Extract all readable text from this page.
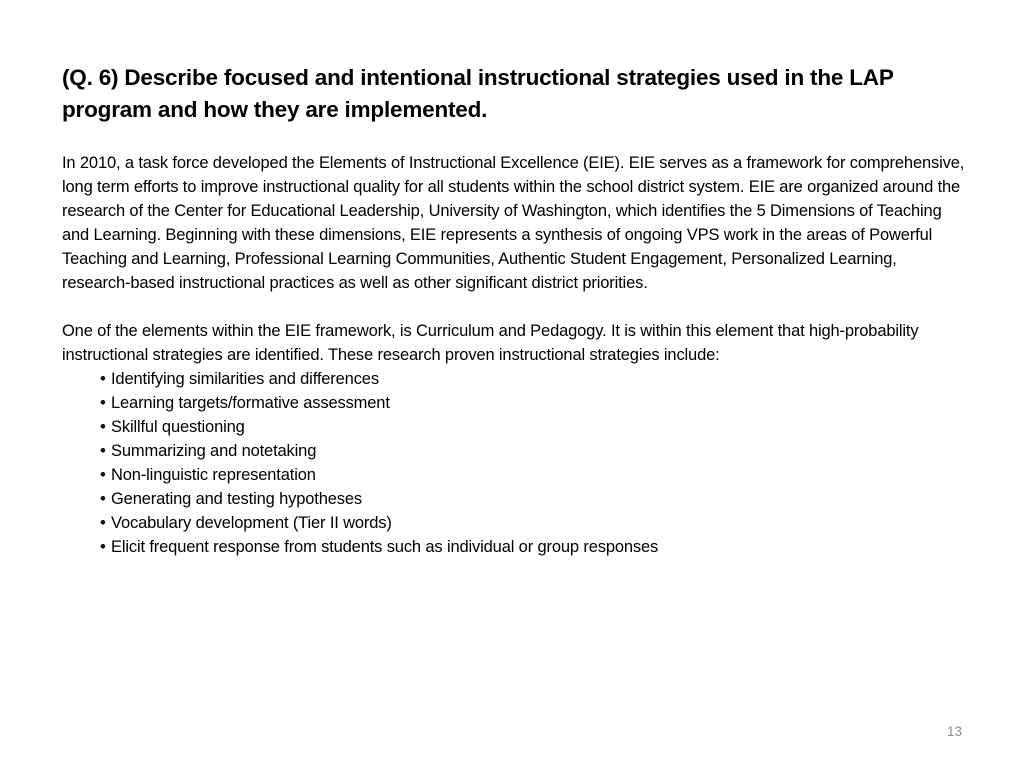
(Q. 6) Describe focused and intentional instructional strategies used in the LAP program and how they are implemented.

In 2010, a task force developed the Elements of Instructional Excellence (EIE). EIE serves as a framework for comprehensive, long term efforts to improve instructional quality for all students within the school district system. EIE are organized around the research of the Center for Educational Leadership, University of Washington, which identifies the 5 Dimensions of Teaching and Learning. Beginning with these dimensions, EIE represents a synthesis of ongoing VPS work in the areas of Powerful Teaching and Learning, Professional Learning Communities, Authentic Student Engagement, Personalized Learning, research-based instructional practices as well as other significant district priorities.

One of the elements within the EIE framework, is Curriculum and Pedagogy. It is within this element that high-probability instructional strategies are identified. These research proven instructional strategies include:

• Identifying similarities and differences
• Learning targets/formative assessment
• Skillful questioning
• Summarizing and notetaking
• Non-linguistic representation
• Generating and testing hypotheses
• Vocabulary development (Tier II words)
• Elicit frequent response from students such as individual or group responses
13
